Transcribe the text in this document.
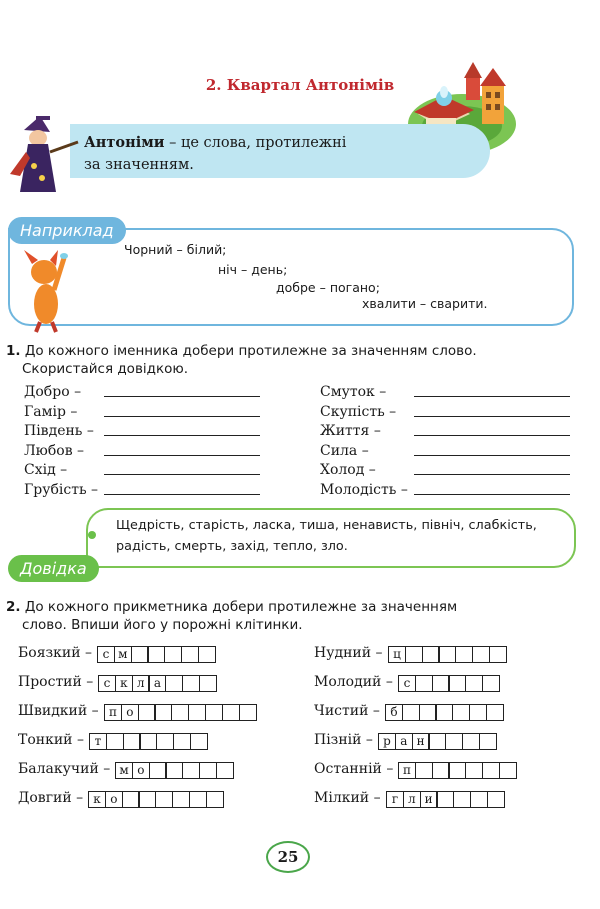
2. Квартал Антонімів
Антоніми – це слова, протилежні
за значенням.
Наприклад
Чорний – білий;
ніч – день;
добре – погано;
хвалити – сварити.
1. До кожного іменника добери протилежне за значенням слово.
Скористайся довідкою.
Добро –
Гамір –
Південь –
Любов –
Схід –
Грубість –
Смуток –
Скупість –
Життя –
Сила –
Холод –
Молодість –
Щедрість, старість, ласка, тиша, ненависть, північ, слабкість,
радість, смерть, захід, тепло, зло.
Довідка
2. До кожного прикметника добери протилежне за значенням
слово. Впиши його у порожні клітинки.
Боязкий – с м
Простий – с к л а
Швидкий – п о
Тонкий – т
Балакучий – м о
Довгий – к о
Нудний – ц
Молодий – с
Чистий – б
Пізній – р а н
Останній – п
Мілкий – г л и
25
